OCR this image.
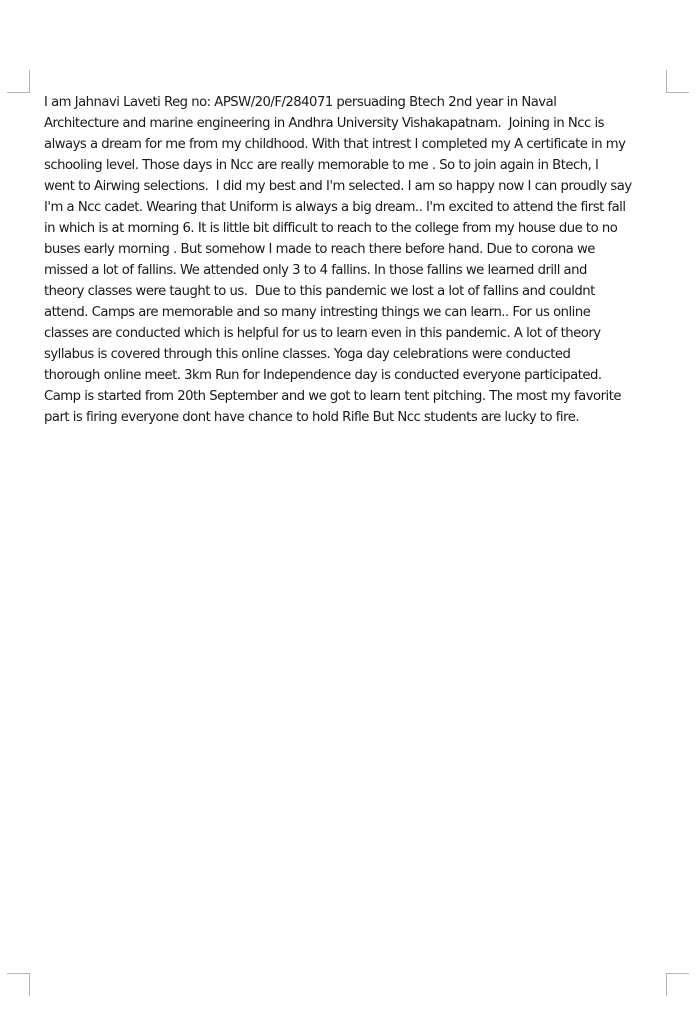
I am Jahnavi Laveti Reg no: APSW/20/F/284071 persuading Btech 2nd year in Naval
Architecture and marine engineering in Andhra University Vishakapatnam.  Joining in Ncc is
always a dream for me from my childhood. With that intrest I completed my A certificate in my
schooling level. Those days in Ncc are really memorable to me . So to join again in Btech, I
went to Airwing selections.  I did my best and I'm selected. I am so happy now I can proudly say
I'm a Ncc cadet. Wearing that Uniform is always a big dream.. I'm excited to attend the first fall
in which is at morning 6. It is little bit difficult to reach to the college from my house due to no
buses early morning . But somehow I made to reach there before hand. Due to corona we
missed a lot of fallins. We attended only 3 to 4 fallins. In those fallins we learned drill and
theory classes were taught to us.  Due to this pandemic we lost a lot of fallins and couldnt
attend. Camps are memorable and so many intresting things we can learn.. For us online
classes are conducted which is helpful for us to learn even in this pandemic. A lot of theory
syllabus is covered through this online classes. Yoga day celebrations were conducted
thorough online meet. 3km Run for Independence day is conducted everyone participated.
Camp is started from 20th September and we got to learn tent pitching. The most my favorite
part is firing everyone dont have chance to hold Rifle But Ncc students are lucky to fire.
